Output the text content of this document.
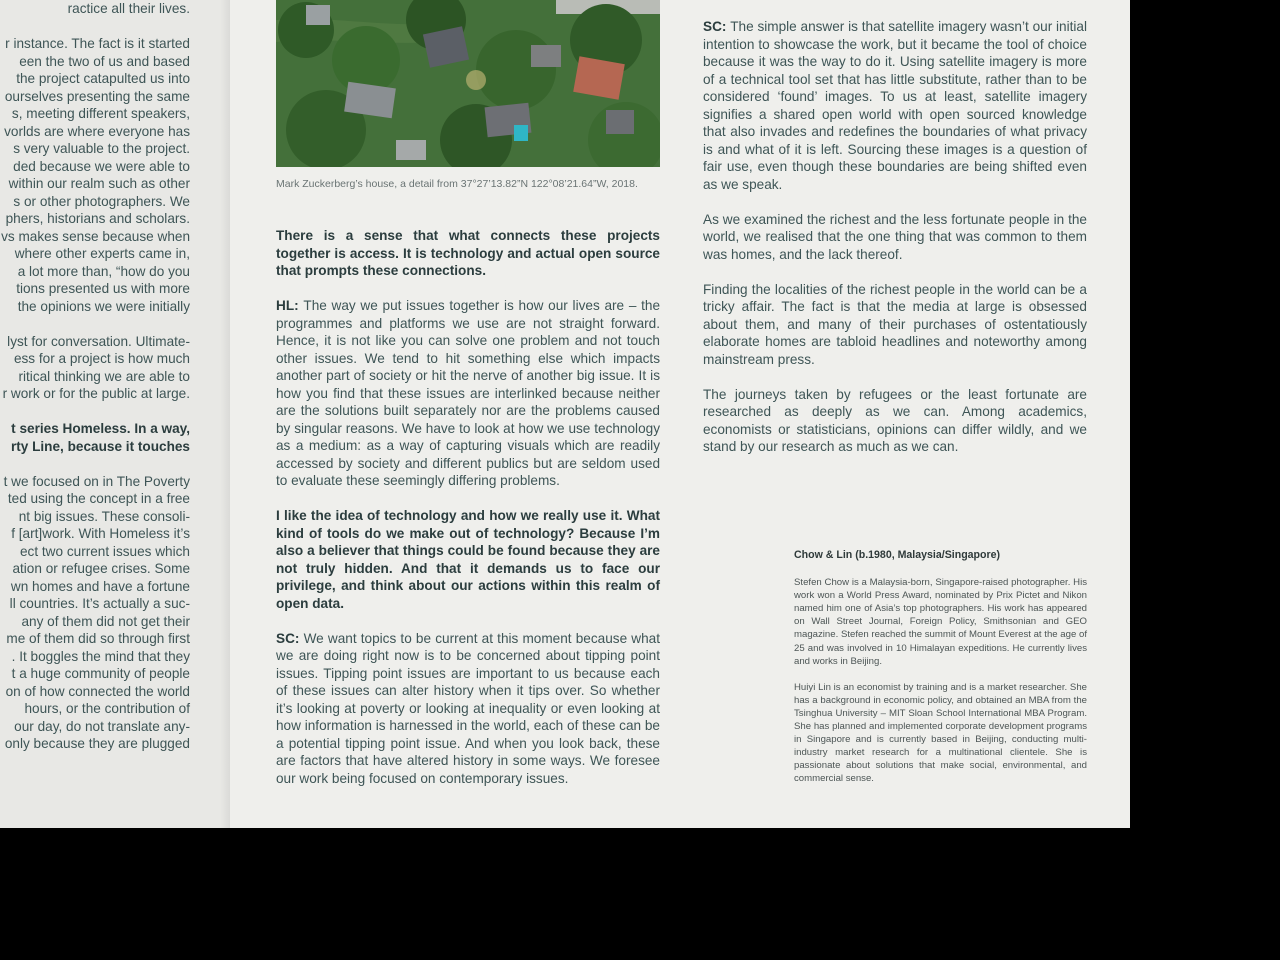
ractice all their lives.

r instance. The fact is it started

een the two of us and based

the project catapulted us into

ourselves presenting the same

s, meeting different speakers,

vorlds are where everyone has

s very valuable to the project.

ded because we were able to

within our realm such as other

s or other photographers. We

phers, historians and scholars.

vs makes sense because when

where other experts came in,

a lot more than, “how do you

tions presented us with more

the opinions we were initially

lyst for conversation. Ultimate-

ess for a project is how much

ritical thinking we are able to

r work or for the public at large.

t series Homeless. In a way,

rty Line, because it touches

t we focused on in The Poverty

ted using the concept in a free

nt big issues. These consoli-

f [art]work. With Homeless it’s

ect two current issues which

ation or refugee crises. Some

wn homes and have a fortune

ll countries. It’s actually a suc-

any of them did not get their

me of them did so through first

. It boggles the mind that they

t a huge community of people

on of how connected the world

hours, or the contribution of

our day, do not translate any-

only because they are plugged

Mark Zuckerberg’s house, a detail from 37°27’13.82”N 122°08’21.64”W, 2018.

There is a sense that what connects these projects together is access. It is technology and actual open source that prompts these connections.

HL: The way we put issues together is how our lives are – the programmes and platforms we use are not straight forward. Hence, it is not like you can solve one problem and not touch other issues. We tend to hit something else which impacts another part of society or hit the nerve of another big issue. It is how you find that these issues are interlinked because neither are the solutions built separately nor are the problems caused by singular reasons. We have to look at how we use technology as a medium: as a way of capturing visuals which are readily accessed by society and different publics but are seldom used to evaluate these seemingly differing problems.

I like the idea of technology and how we really use it. What kind of tools do we make out of technology? Because I’m also a believer that things could be found because they are not truly hidden. And that it demands us to face our privilege, and think about our actions within this realm of open data.

SC: We want topics to be current at this moment because what we are doing right now is to be concerned about tipping point issues. Tipping point issues are important to us because each of these issues can alter history when it tips over. So whether it’s looking at poverty or looking at inequality or even looking at how information is harnessed in the world, each of these can be a potential tipping point issue. And when you look back, these are factors that have altered history in some ways. We foresee our work being focused on contemporary issues.

SC: The simple answer is that satellite imagery wasn’t our initial intention to showcase the work, but it became the tool of choice because it was the way to do it. Using satellite imagery is more of a technical tool set that has little substitute, rather than to be considered ‘found’ images. To us at least, satellite imagery signifies a shared open world with open sourced knowledge that also invades and redefines the boundaries of what privacy is and what of it is left. Sourcing these images is a question of fair use, even though these boundaries are being shifted even as we speak.

As we examined the richest and the less fortunate people in the world, we realised that the one thing that was common to them was homes, and the lack thereof.

Finding the localities of the richest people in the world can be a tricky affair. The fact is that the media at large is obsessed about them, and many of their purchases of ostentatiously elaborate homes are tabloid headlines and noteworthy among mainstream press.

The journeys taken by refugees or the least fortunate are researched as deeply as we can. Among academics, economists or statisticians, opinions can differ wildly, and we stand by our research as much as we can.

Chow & Lin (b.1980, Malaysia/Singapore)

Stefen Chow is a Malaysia-born, Singapore-raised photographer. His work won a World Press Award, nominated by Prix Pictet and Nikon named him one of Asia’s top photographers. His work has appeared on Wall Street Journal, Foreign Policy, Smithsonian and GEO magazine. Stefen reached the summit of Mount Everest at the age of 25 and was involved in 10 Himalayan expeditions. He currently lives and works in Beijing.

Huiyi Lin is an economist by training and is a market researcher. She has a background in economic policy, and obtained an MBA from the Tsinghua University – MIT Sloan School International MBA Program. She has planned and implemented corporate development programs in Singapore and is currently based in Beijing, conducting multi-industry market research for a multinational clientele. She is passionate about solutions that make social, environmental, and commercial sense.
